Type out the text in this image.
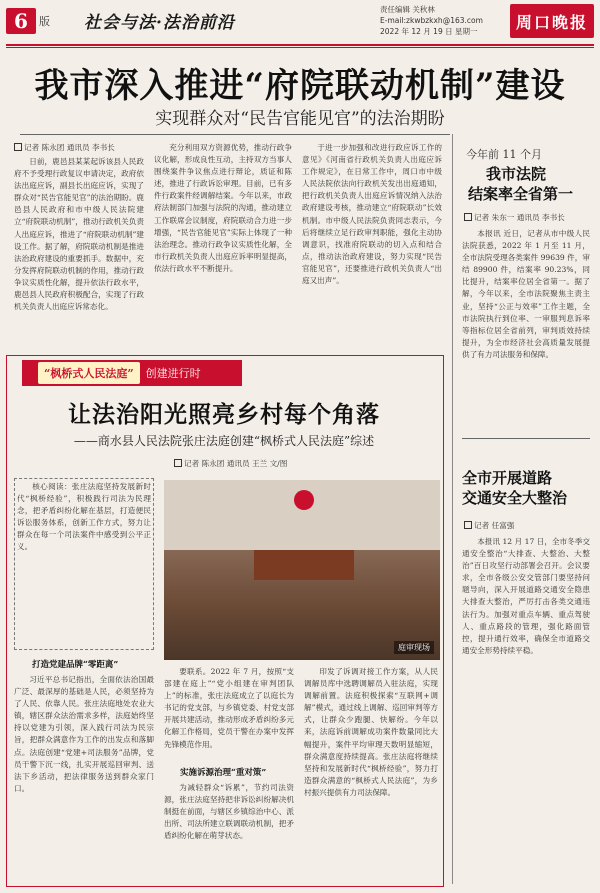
6	版 社会与法·法治前沿
责任编辑 关秋林
E-mail:zkwbzkxh@163.com
2022 年 12 月 19 日 星期一	周口晚报
我市深入推进“府院联动机制”建设
实现群众对“民告官能见官”的法治期盼
记者 陈永团 通讯员 李书长

日前，鹿邑县某某起诉该县人民政府不予受理行政复议申请决定，政府依法出庭应诉，副县长出庭应诉，实现了群众对“民告官能见官”的法治期盼。鹿邑县人民政府和市中级人民法院建立“府院联动机制”，推动行政机关负责人出庭应诉，推进了“府院联动机制”建设工作。据了解，府院联动机制是推进法治政府建设的重要抓手。数据中，充分发挥府院联动机制的作用，推动行政争议实质性化解，提升依法行政水平，鹿邑县人民政府积极配合，实现了行政机关负责人出庭应诉常态化。

充分利用双方资源优势，推动行政争议化解，形成良性互动，主持双方当事人围绕案件争议焦点进行辩论，质证和陈述，推进了行政诉讼审理。目前，已有多件行政案件经调解结案。今年以来，市政府法制部门加强与法院的沟通，推动建立工作联席会议制度，府院联动合力进一步增强，“民告官能见官”实际上体现了一种法治理念。推动行政争议实质性化解，全市行政机关负责人出庭应诉率明显提高，依法行政水平不断提升。

于进一步加强和改进行政应诉工作的意见》《河南省行政机关负责人出庭应诉工作规定》，在日常工作中，周口市中级人民法院依法向行政机关发出出庭通知，把行政机关负责人出庭应诉情况纳入法治政府建设考核，推动建立“府院联动”长效机制。市中级人民法院负责同志表示，今后将继续立足行政审判职能，强化主动协调意识，找准府院联动的切入点和结合点，推动法治政府建设，努力实现“民告官能见官”，还要推进行政机关负责人“出庭又出声”。

今年前 11 个月
我市法院
结案率全省第一
记者 朱东一 通讯员 李书长

本报讯 近日，记者从市中级人民法院获悉，2022 年 1 月至 11 月，全市法院受理各类案件 99639 件，审结 89900 件，结案率 90.23%，同比提升，结案率位居全省第一。据了解，今年以来，全市法院聚焦主责主业，坚持“公正与效率”工作主题，全市法院执行到位率、一审服判息诉率等指标位居全省前列，审判质效持续提升，为全市经济社会高质量发展提供了有力司法服务和保障。

全市开展道路
交通安全大整治
记者 任富强

本报讯 12 月 17 日，全市冬季交通安全整治“大排查、大整治、大整治”百日攻坚行动部署会召开。会议要求，全市各级公安交管部门要坚持问题导向，深入开展道路交通安全隐患大排查大整治，严厉打击各类交通违法行为。加强对重点车辆、重点驾驶人、重点路段的管理，强化路面管控，提升通行效率，确保全市道路交通安全形势持续平稳。

“枫桥式人民法庭”	创建进行时
让法治阳光照亮乡村每个角落
——商水县人民法院张庄法庭创建“枫桥式人民法庭”综述
记者 陈永团 通讯员 王兰 文/图

核心阅读：张庄法庭坚持发展新时代“枫桥经验”，积极践行司法为民理念，把矛盾纠纷化解在基层，打造便民诉讼服务体系，创新工作方式，努力让群众在每一个司法案件中感受到公平正义。

庭审现场
打造党建品牌“零距离”

习近平总书记指出，全面依法治国最广泛、最深厚的基础是人民，必须坚持为了人民、依靠人民。张庄法庭地处农业大镇，辖区群众法治需求多样，法庭始终坚持以党建为引领，深入践行司法为民宗旨，把群众满意作为工作的出发点和落脚点。法庭创建“党建+司法服务”品牌，党员干警下沉一线，扎实开展巡回审判、送法下乡活动，把法律服务送到群众家门口。

要联系。2022 年 7 月，按照“支部建在庭上”“党小组建在审判团队上”的标准，张庄法庭成立了以庭长为书记的党支部，与乡镇党委、村党支部开展共建活动，推动形成矛盾纠纷多元化解工作格局，党员干警在办案中发挥先锋模范作用。

实施诉源治理“重对策”

为减轻群众“诉累”，节约司法资源，张庄法庭坚持把非诉讼纠纷解决机制挺在前面，与辖区乡镇综治中心、派出所、司法所建立联调联动机制，把矛盾纠纷化解在萌芽状态。

印发了诉调对接工作方案，从人民调解员库中选聘调解员入驻法庭，实现调解前置。法庭积极探索“互联网+调解”模式，通过线上调解、巡回审判等方式，让群众少跑腿、快解纷。今年以来，法庭诉前调解成功案件数量同比大幅提升，案件平均审理天数明显缩短，群众满意度持续提高。张庄法庭将继续坚持和发展新时代“枫桥经验”，努力打造群众满意的“枫桥式人民法庭”，为乡村振兴提供有力司法保障。
